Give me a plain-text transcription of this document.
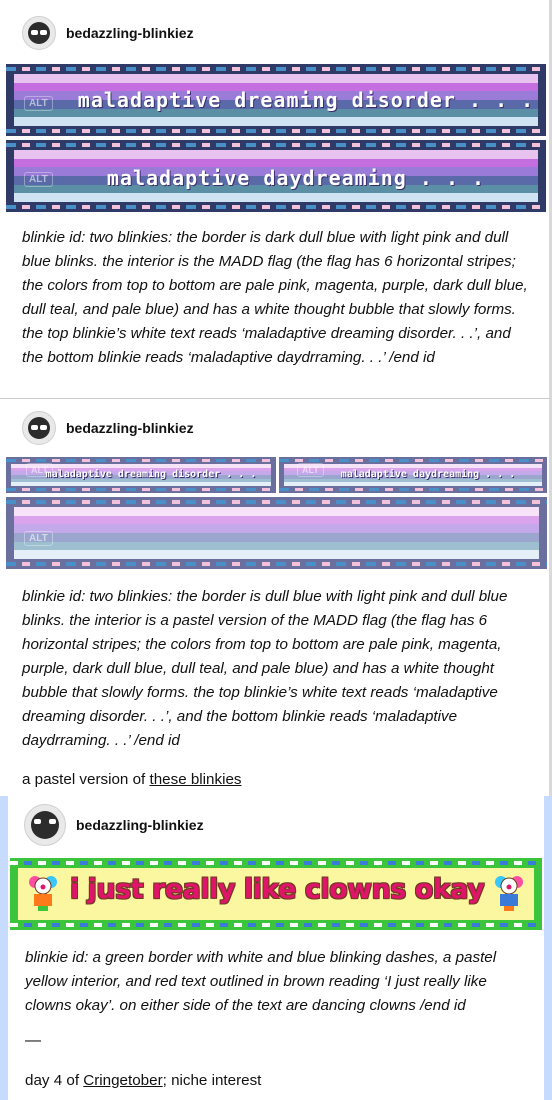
bedazzling-blinkiez
ALT	maladaptive dreaming disorder . . .
ALT	maladaptive daydreaming . . .
blinkie id: two blinkies: the border is dark dull blue with light pink and dull blue blinks. the interior is the MADD flag (the flag has 6 horizontal stripes; the colors from top to bottom are pale pink, magenta, purple, dark dull blue, dull teal, and pale blue) and has a white thought bubble that slowly forms. the top blinkie’s white text reads ‘maladaptive dreaming disorder. . .’, and the bottom blinkie reads ‘maladaptive daydrraming. . .’ /end id
bedazzling-blinkiez
ALT
maladaptive dreaming disorder . . .	ALT	maladaptive daydreaming . . .
ALT
blinkie id: two blinkies: the border is dull blue with light pink and dull blue blinks. the interior is a pastel version of the MADD flag (the flag has 6 horizontal stripes; the colors from top to bottom are pale pink, magenta, purple, dark dull blue, dull teal, and pale blue) and has a white thought bubble that slowly forms. the top blinkie’s white text reads ‘maladaptive dreaming disorder. . .’, and the bottom blinkie reads ‘maladaptive daydrraming. . .’ /end id
a pastel version of these blinkies
bedazzling-blinkiez
i just really like clowns okay
blinkie id: a green border with white and blue blinking dashes, a pastel yellow interior, and red text outlined in brown reading ‘I just really like clowns okay’. on either side of the text are dancing clowns /end id
—
day 4 of Cringetober; niche interest
